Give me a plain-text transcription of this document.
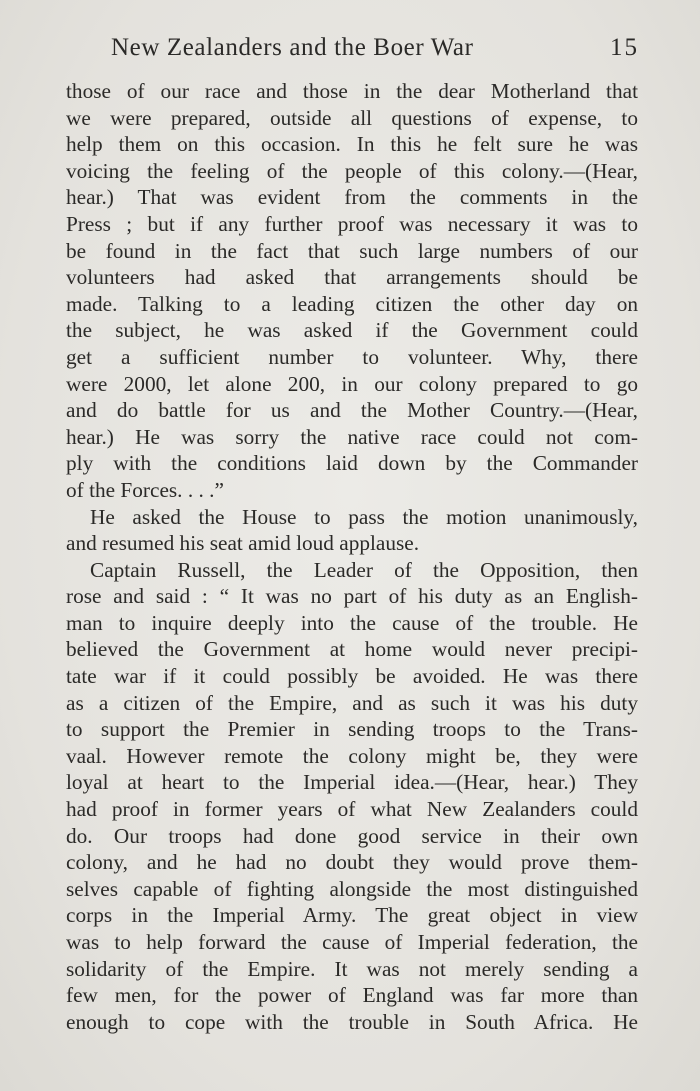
New Zealanders and the Boer War	15
those of our race and those in the dear Motherland that
we were prepared, outside all questions of expense, to
help them on this occasion. In this he felt sure he was
voicing the feeling of the people of this colony.—(Hear,
hear.) That was evident from the comments in the
Press ; but if any further proof was necessary it was to
be found in the fact that such large numbers of our
volunteers had asked that arrangements should be
made. Talking to a leading citizen the other day on
the subject, he was asked if the Government could
get a sufficient number to volunteer. Why, there
were 2000, let alone 200, in our colony prepared to go
and do battle for us and the Mother Country.—(Hear,
hear.) He was sorry the native race could not com-
ply with the conditions laid down by the Commander
of the Forces. . . .”
He asked the House to pass the motion unanimously,
and resumed his seat amid loud applause.
Captain Russell, the Leader of the Opposition, then
rose and said : “ It was no part of his duty as an English-
man to inquire deeply into the cause of the trouble. He
believed the Government at home would never precipi-
tate war if it could possibly be avoided. He was there
as a citizen of the Empire, and as such it was his duty
to support the Premier in sending troops to the Trans-
vaal. However remote the colony might be, they were
loyal at heart to the Imperial idea.—(Hear, hear.) They
had proof in former years of what New Zealanders could
do. Our troops had done good service in their own
colony, and he had no doubt they would prove them-
selves capable of fighting alongside the most distinguished
corps in the Imperial Army. The great object in view
was to help forward the cause of Imperial federation, the
solidarity of the Empire. It was not merely sending a
few men, for the power of England was far more than
enough to cope with the trouble in South Africa. He
